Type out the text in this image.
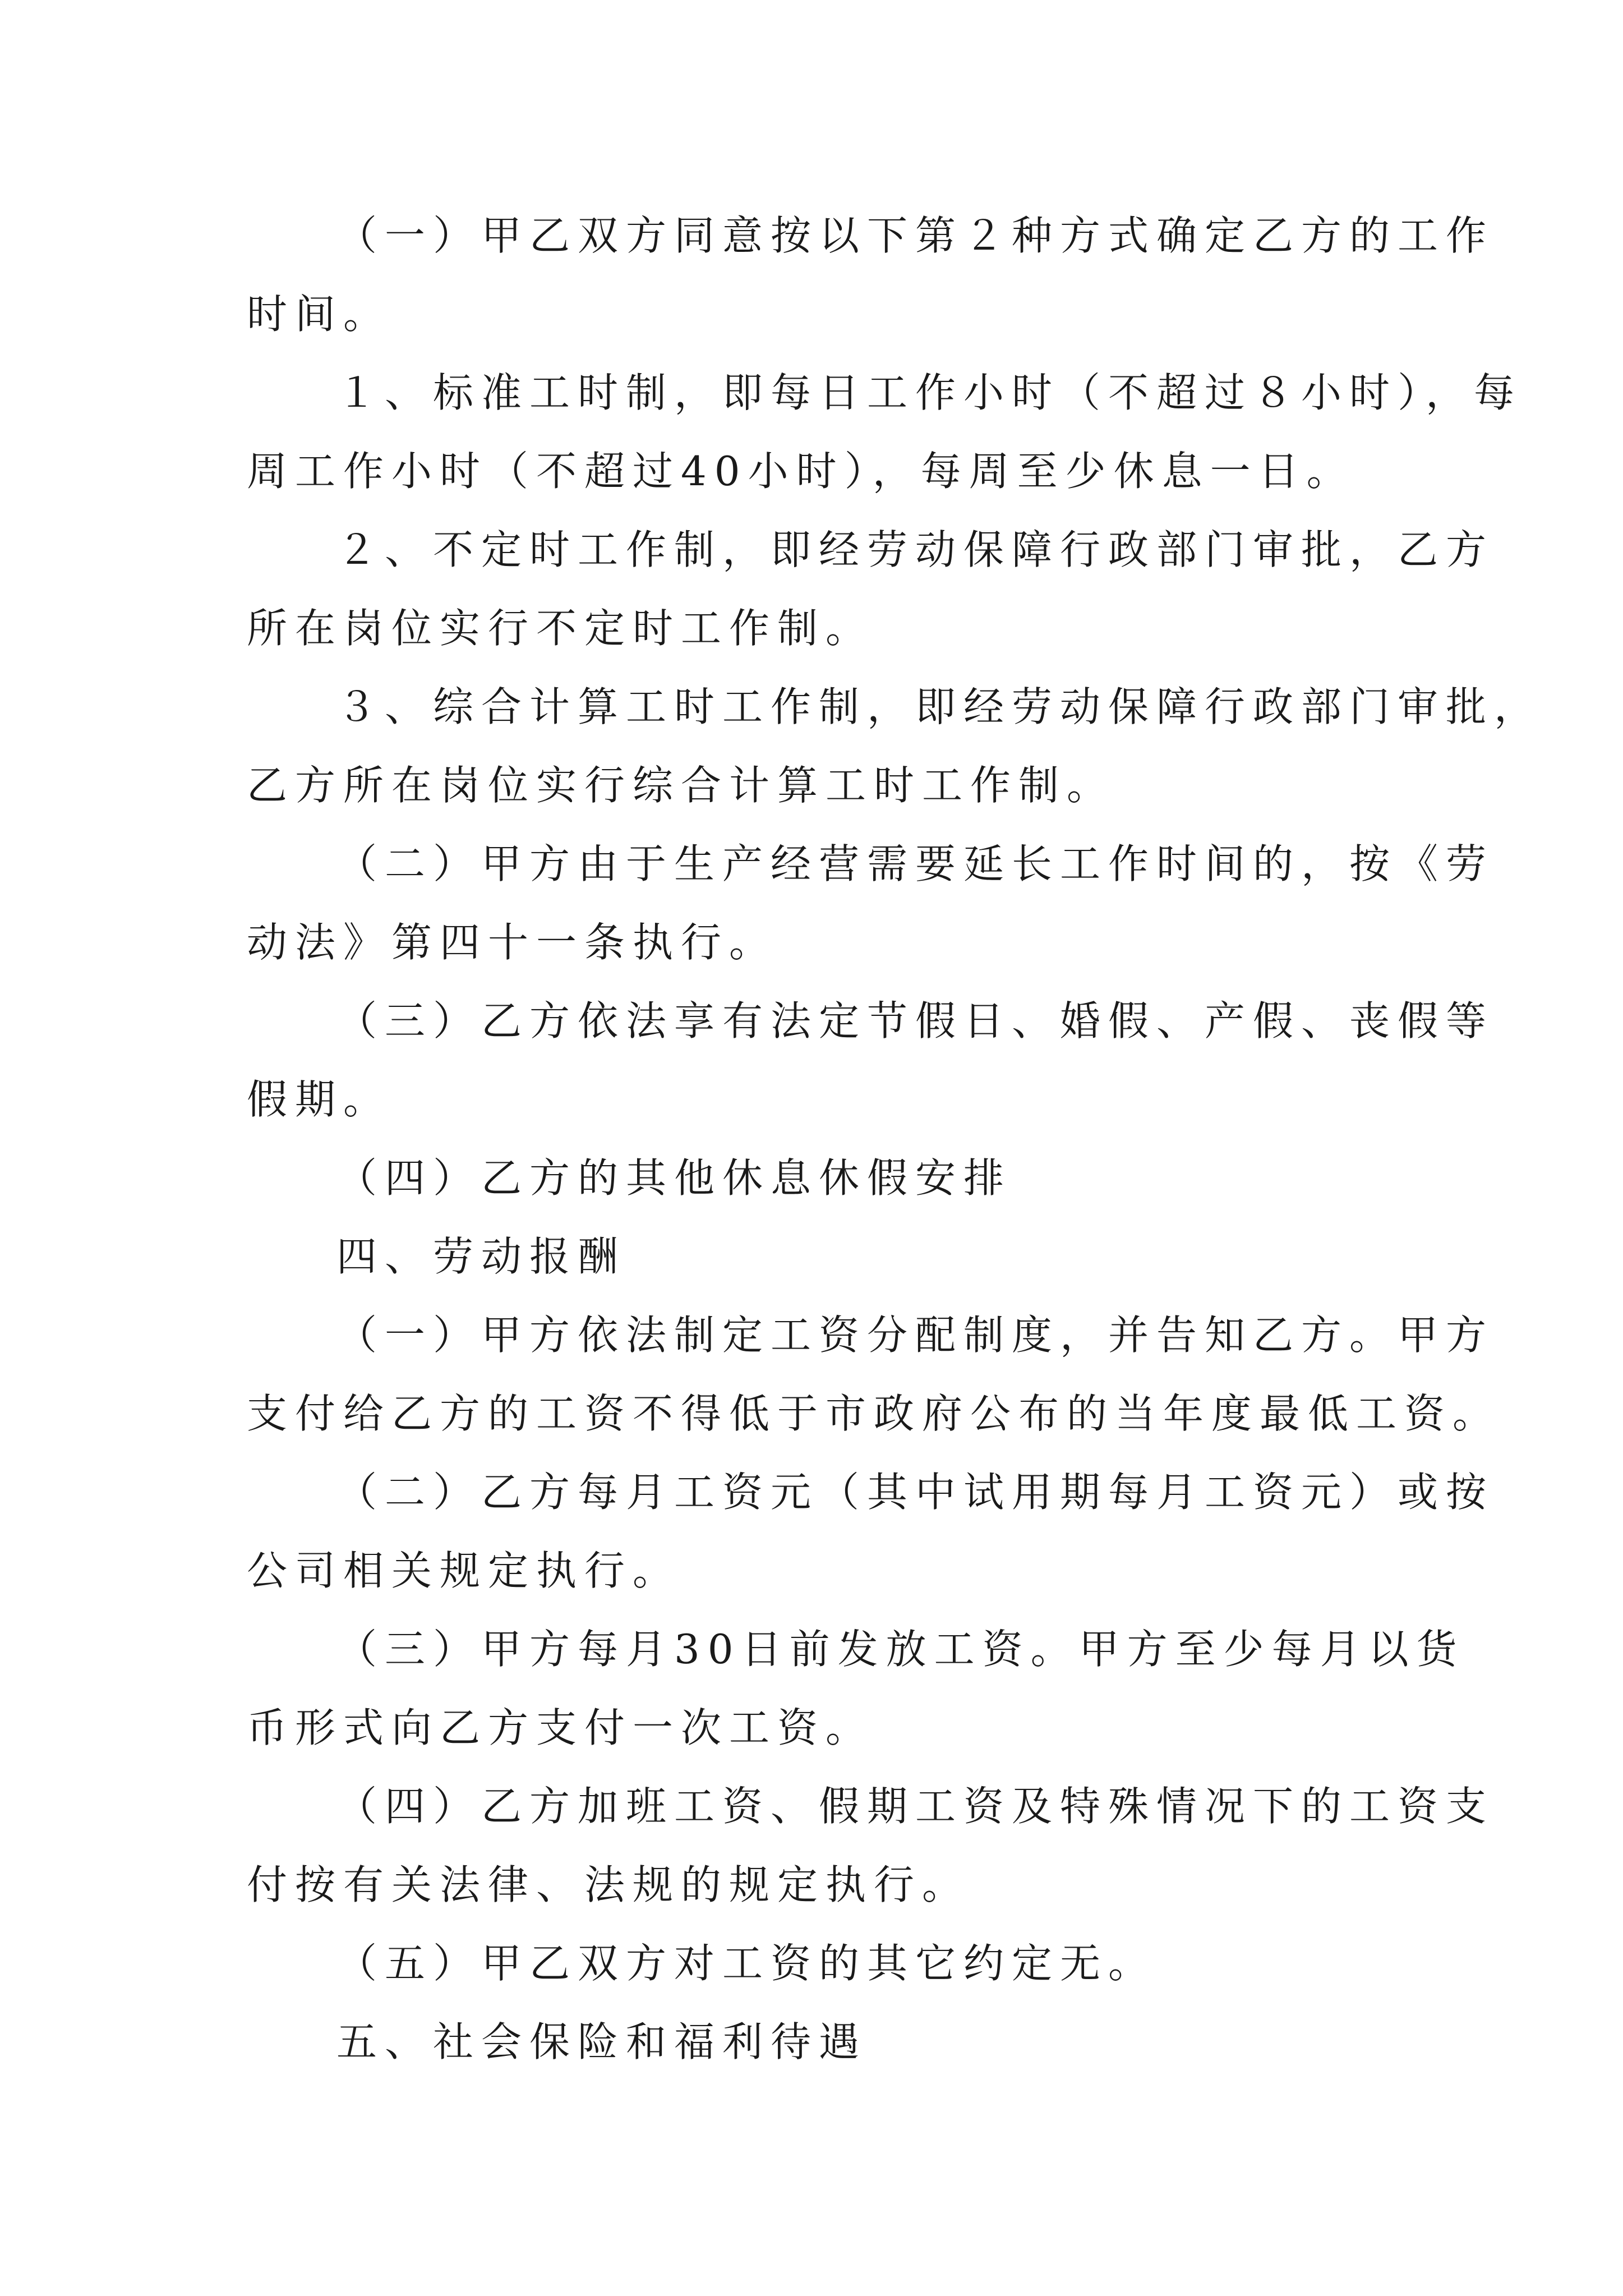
（一）甲乙双方同意按以下第２种方式确定乙方的工作
时间。
１、标准工时制，即每日工作小时（不超过８小时），每
周工作小时（不超过40小时），每周至少休息一日。
２、不定时工作制，即经劳动保障行政部门审批，乙方
所在岗位实行不定时工作制。
３、综合计算工时工作制，即经劳动保障行政部门审批，
乙方所在岗位实行综合计算工时工作制。
（二）甲方由于生产经营需要延长工作时间的，按《劳
动法》第四十一条执行。
（三）乙方依法享有法定节假日、婚假、产假、丧假等
假期。
（四）乙方的其他休息休假安排
四、劳动报酬
（一）甲方依法制定工资分配制度，并告知乙方。甲方
支付给乙方的工资不得低于市政府公布的当年度最低工资。
（二）乙方每月工资元（其中试用期每月工资元）或按
公司相关规定执行。
（三）甲方每月30日前发放工资。甲方至少每月以货
币形式向乙方支付一次工资。
（四）乙方加班工资、假期工资及特殊情况下的工资支
付按有关法律、法规的规定执行。
（五）甲乙双方对工资的其它约定无。
五、社会保险和福利待遇
